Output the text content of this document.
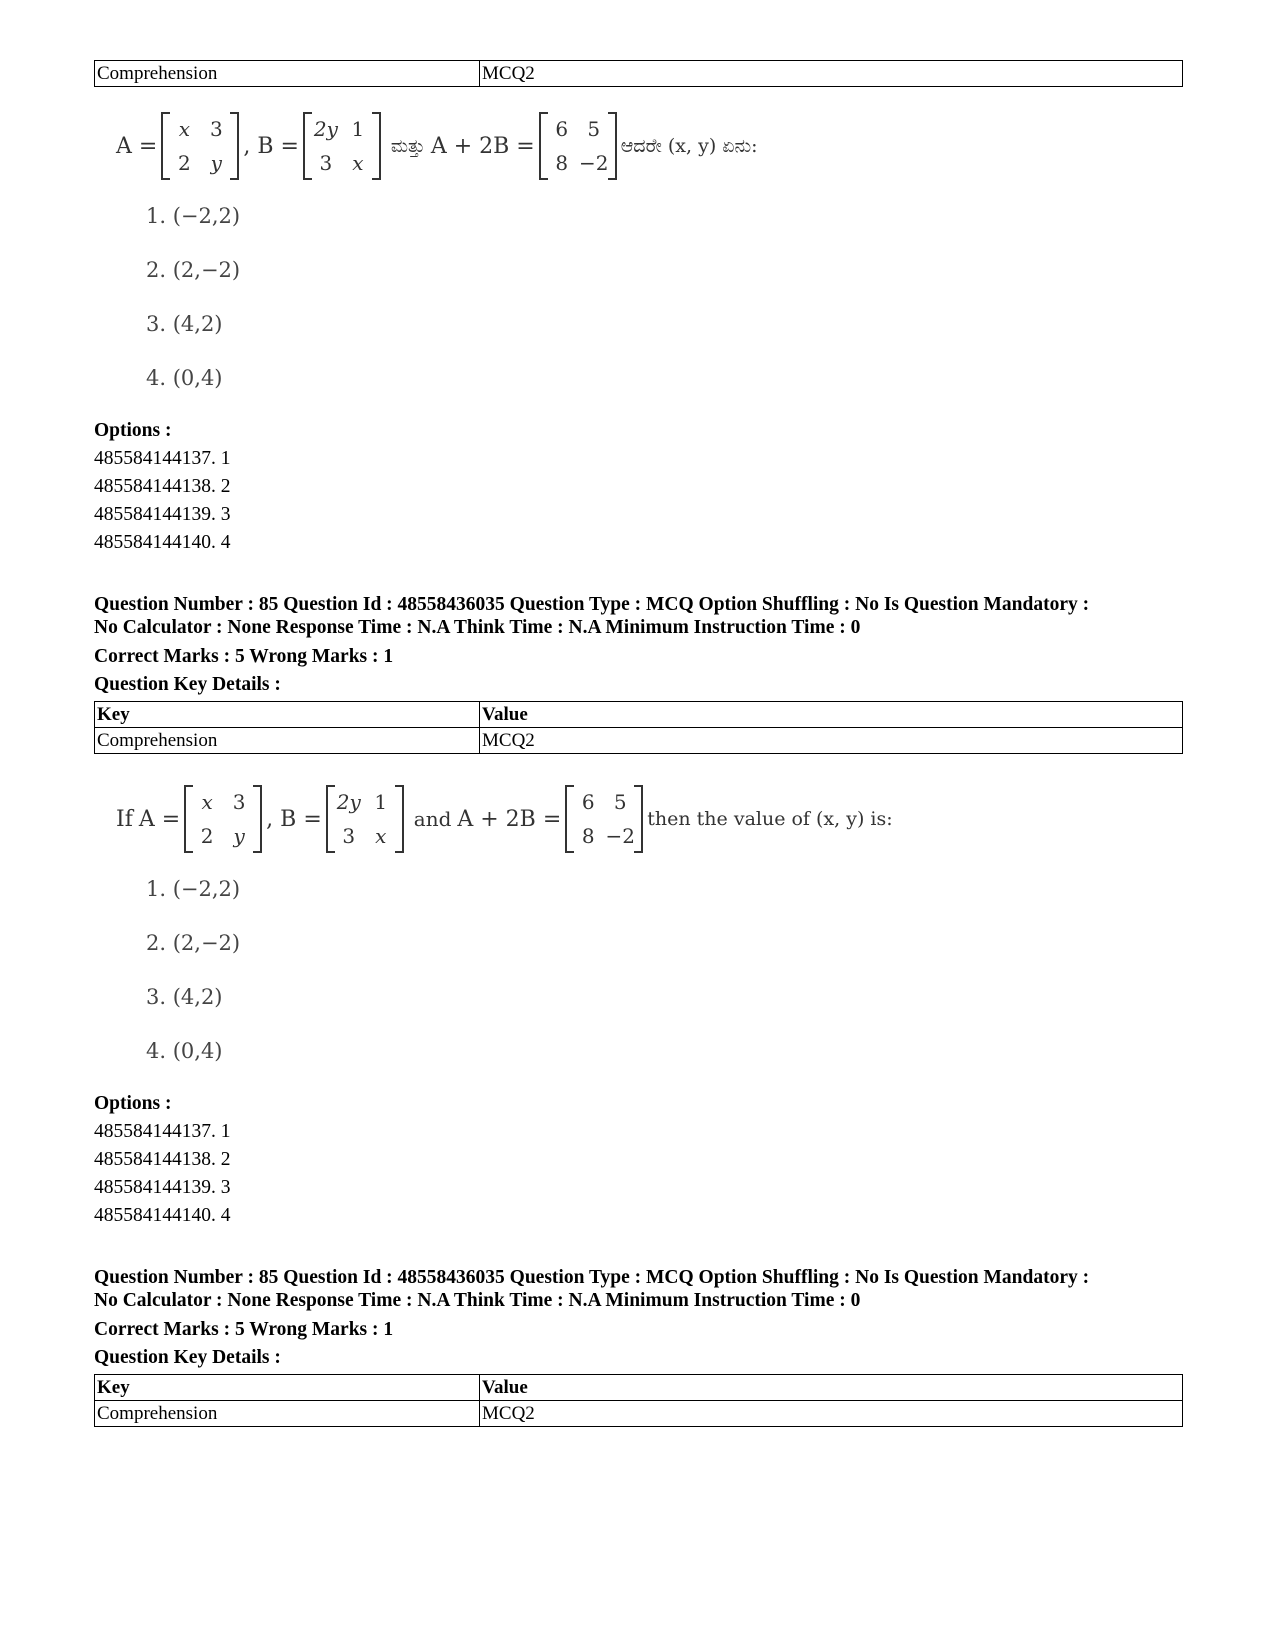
Comprehension	MCQ2
A =
x 3
2 y
, B =
2y 1
3 x
ಮತ್ತು A + 2B =
6 5
8 −2
ಆದರೇ (x, y) ಏನು:
1. (−2,2)
2. (2,−2)
3. (4,2)
4. (0,4)
Options :
485584144137. 1
485584144138. 2
485584144139. 3
485584144140. 4
Question Number : 85 Question Id : 48558436035 Question Type : MCQ Option Shuffling : No Is Question Mandatory :
No Calculator : None Response Time : N.A Think Time : N.A Minimum Instruction Time : 0
Correct Marks : 5 Wrong Marks : 1
Question Key Details :
Key	Value
Comprehension	MCQ2
If A =
x 3
2 y
, B =
2y 1
3 x
and A + 2B =
6 5
8 −2
then the value of (x, y) is:
1. (−2,2)
2. (2,−2)
3. (4,2)
4. (0,4)
Options :
485584144137. 1
485584144138. 2
485584144139. 3
485584144140. 4
Question Number : 85 Question Id : 48558436035 Question Type : MCQ Option Shuffling : No Is Question Mandatory :
No Calculator : None Response Time : N.A Think Time : N.A Minimum Instruction Time : 0
Correct Marks : 5 Wrong Marks : 1
Question Key Details :
Key	Value
Comprehension	MCQ2
